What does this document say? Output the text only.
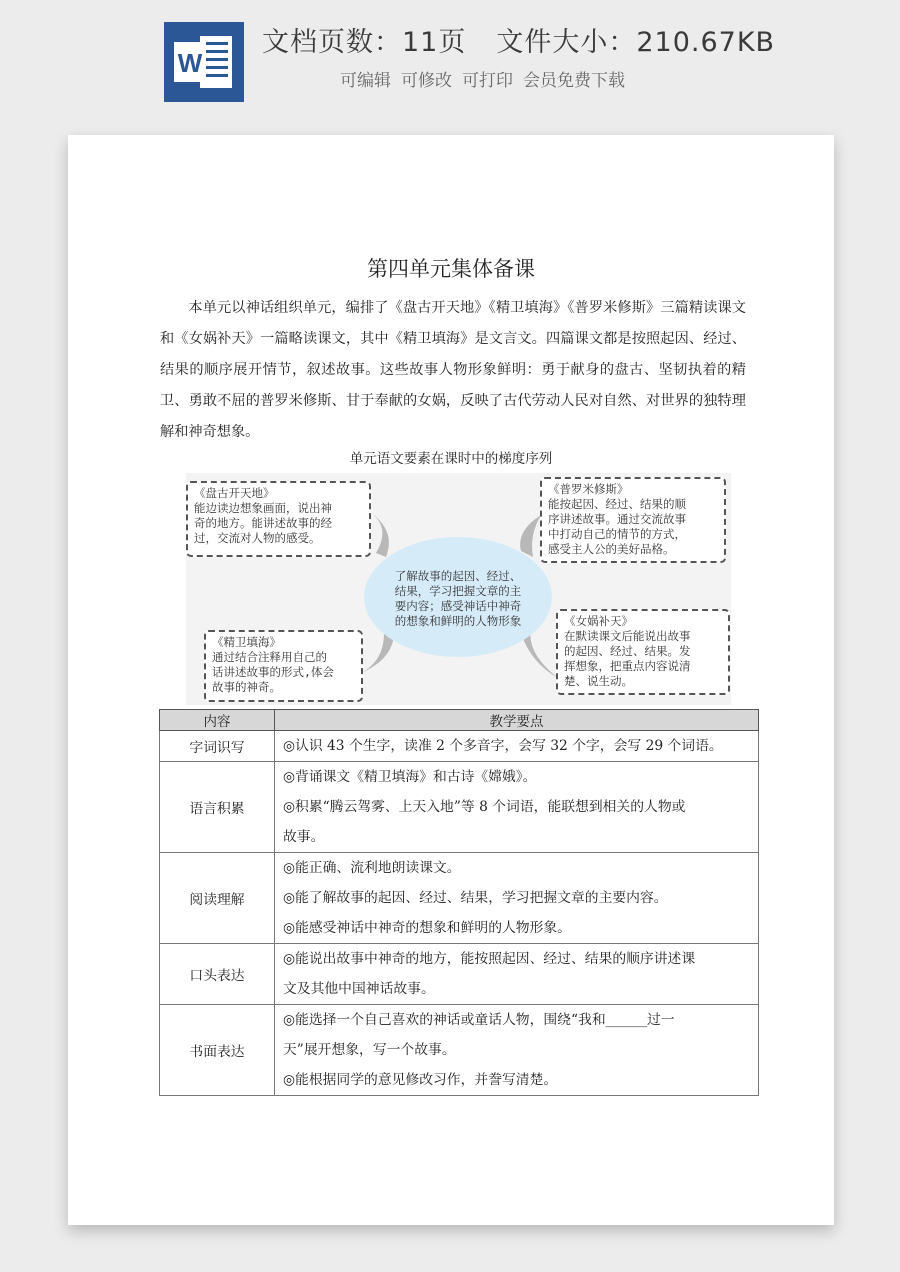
W
文档页数：11页 文件大小：210.67KB
可编辑 可修改 可打印 会员免费下载
第四单元集体备课

本单元以神话组织单元，编排了《盘古开天地》《精卫填海》《普罗米修斯》三篇精读课文和《女娲补天》一篇略读课文，其中《精卫填海》是文言文。四篇课文都是按照起因、经过、结果的顺序展开情节，叙述故事。这些故事人物形象鲜明：勇于献身的盘古、坚韧执着的精卫、勇敢不屈的普罗米修斯、甘于奉献的女娲，反映了古代劳动人民对自然、对世界的独特理解和神奇想象。

单元语文要素在课时中的梯度序列
了解故事的起因、经过、
结果，学习把握文章的主
要内容；感受神话中神奇
的想象和鲜明的人物形象
《盘古开天地》
能边读边想象画面，说出神
奇的地方。能讲述故事的经
过，交流对人物的感受。
《普罗米修斯》
能按起因、经过、结果的顺
序讲述故事。通过交流故事
中打动自己的情节的方式，
感受主人公的美好品格。
《精卫填海》
通过结合注释用自己的
话讲述故事的形式,体会
故事的神奇。
《女娲补天》
在默读课文后能说出故事
的起因、经过、结果。发
挥想象，把重点内容说清
楚、说生动。
内容	教学要点
字词识写	◎认识 43 个生字，读准 2 个多音字，会写 32 个字，会写 29 个词语。

语言积累	◎背诵课文《精卫填海》和古诗《嫦娥》。
◎积累“腾云驾雾、上天入地”等 8 个词语，能联想到相关的人物或
故事。

阅读理解	◎能正确、流利地朗读课文。
◎能了解故事的起因、经过、结果，学习把握文章的主要内容。
◎能感受神话中神奇的想象和鲜明的人物形象。

口头表达	◎能说出故事中神奇的地方，能按照起因、经过、结果的顺序讲述课
文及其他中国神话故事。

书面表达	◎能选择一个自己喜欢的神话或童话人物，围绕“我和______过一
天”展开想象，写一个故事。
◎能根据同学的意见修改习作，并誊写清楚。
